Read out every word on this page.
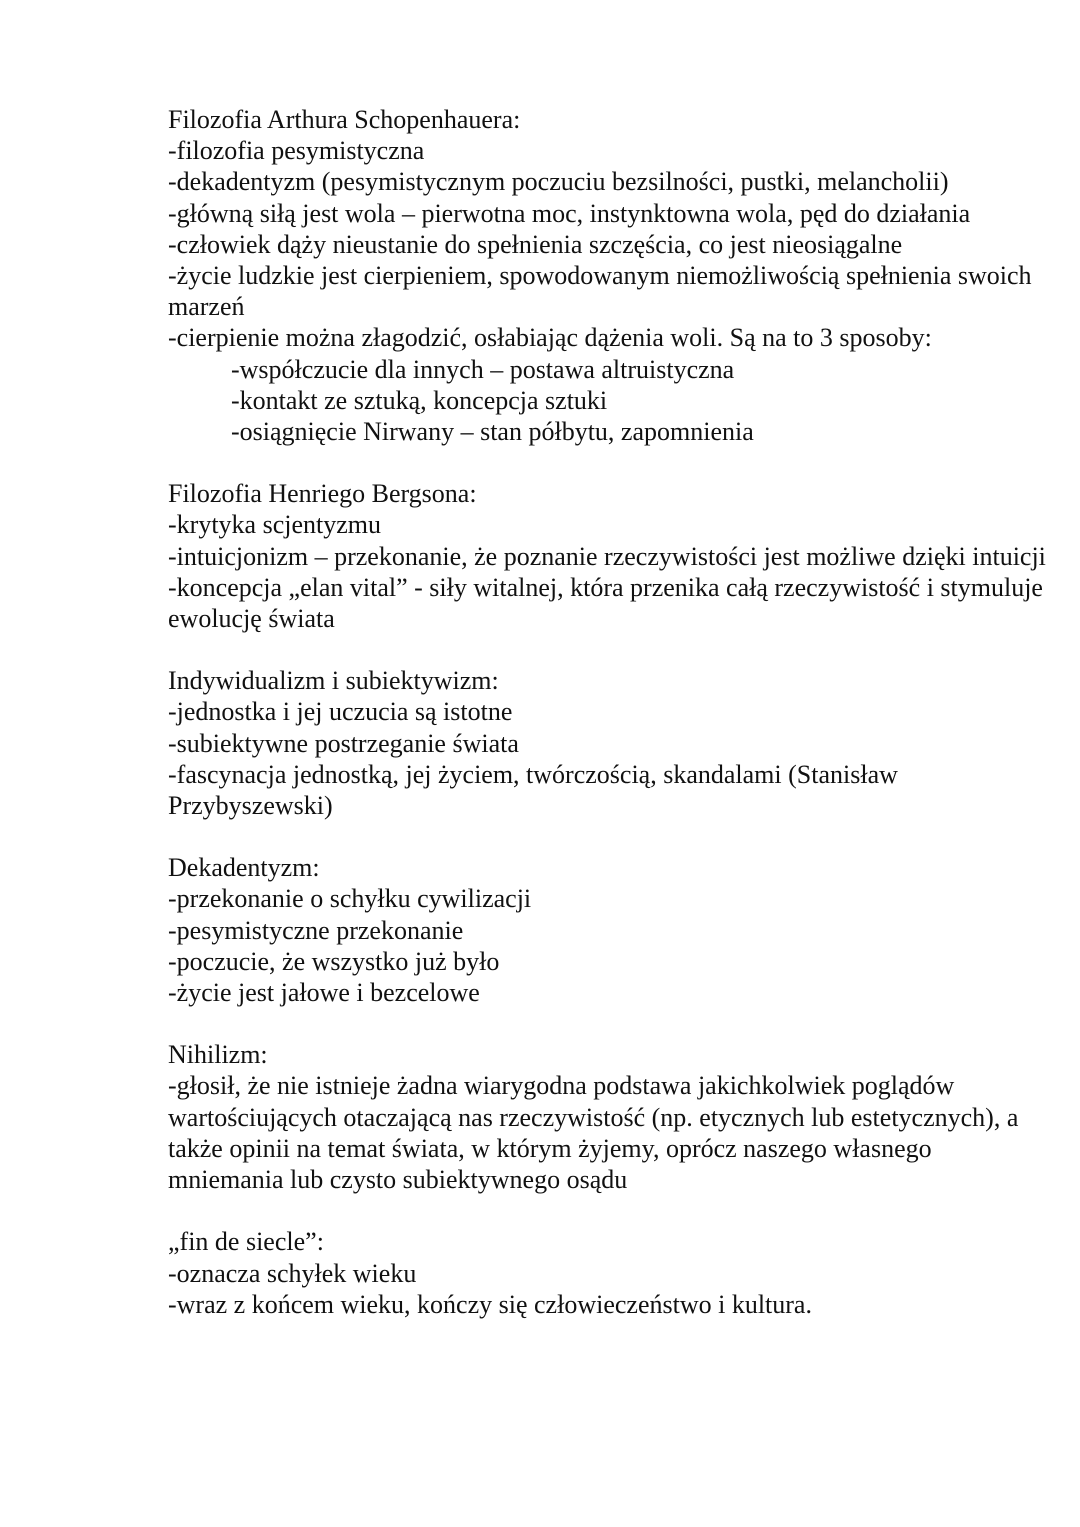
Filozofia Arthura Schopenhauera:
-filozofia pesymistyczna
-dekadentyzm (pesymistycznym poczuciu bezsilności, pustki, melancholii)
-główną siłą jest wola – pierwotna moc, instynktowna wola, pęd do działania
-człowiek dąży nieustanie do spełnienia szczęścia, co jest nieosiągalne
-życie ludzkie jest cierpieniem, spowodowanym niemożliwością spełnienia swoich marzeń
-cierpienie można złagodzić, osłabiając dążenia woli. Są na to 3 sposoby:
-współczucie dla innych – postawa altruistyczna
-kontakt ze sztuką, koncepcja sztuki
-osiągnięcie Nirwany – stan półbytu, zapomnienia
Filozofia Henriego Bergsona:
-krytyka scjentyzmu
-intuicjonizm – przekonanie, że poznanie rzeczywistości jest możliwe dzięki intuicji
-koncepcja „elan vital” - siły witalnej, która przenika całą rzeczywistość i stymuluje ewolucję świata
Indywidualizm i subiektywizm:
-jednostka i jej uczucia są istotne
-subiektywne postrzeganie świata
-fascynacja jednostką, jej życiem, twórczością, skandalami (Stanisław Przybyszewski)
Dekadentyzm:
-przekonanie o schyłku cywilizacji
-pesymistyczne przekonanie
-poczucie, że wszystko już było
-życie jest jałowe i bezcelowe
Nihilizm:
-głosił, że nie istnieje żadna wiarygodna podstawa jakichkolwiek poglądów wartościujących otaczającą nas rzeczywistość (np. etycznych lub estetycznych), a także opinii na temat świata, w którym żyjemy, oprócz naszego własnego mniemania lub czysto subiektywnego osądu
„fin de siecle”:
-oznacza schyłek wieku
-wraz z końcem wieku, kończy się człowieczeństwo i kultura.
